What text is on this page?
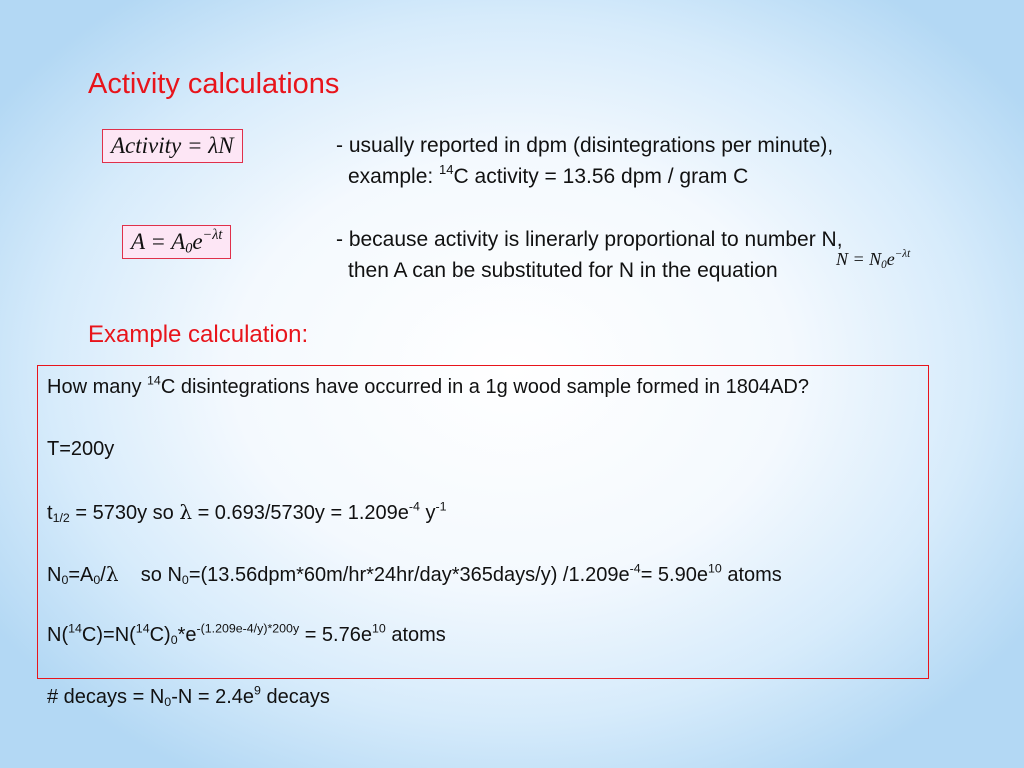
Activity calculations
Activity = λN
$A = A_0e^{-\lambda t}$
- usually reported in dpm (disintegrations per minute),
example: $^{14}$C activity = 13.56 dpm / gram C
- because activity is linerarly proportional to number N,
then A can be substituted for N in the equation	$N = N_0e^{-\lambda t}$
Example calculation:
How many $^{14}$C disintegrations have occurred in a 1g wood sample formed in 1804AD?
T=200y
$t_{1/2} = 5730y$ so $\lambda = 0.693/5730y = 1.209e^{-4}$ $y^{-1}$
$N_0=A_0/\lambda$    so $N_0=(13.56dpm*60m/hr*24hr/day*365days/y)$ $/1.209e^{-4}= 5.90e^{10}$ atoms
$N(^{14}C)=N(^{14}C)_0*e^{-(1.209e-4/y)*200y} = 5.76e^{10}$ atoms
# decays = $N_0-N = 2.4e^9$ decays
